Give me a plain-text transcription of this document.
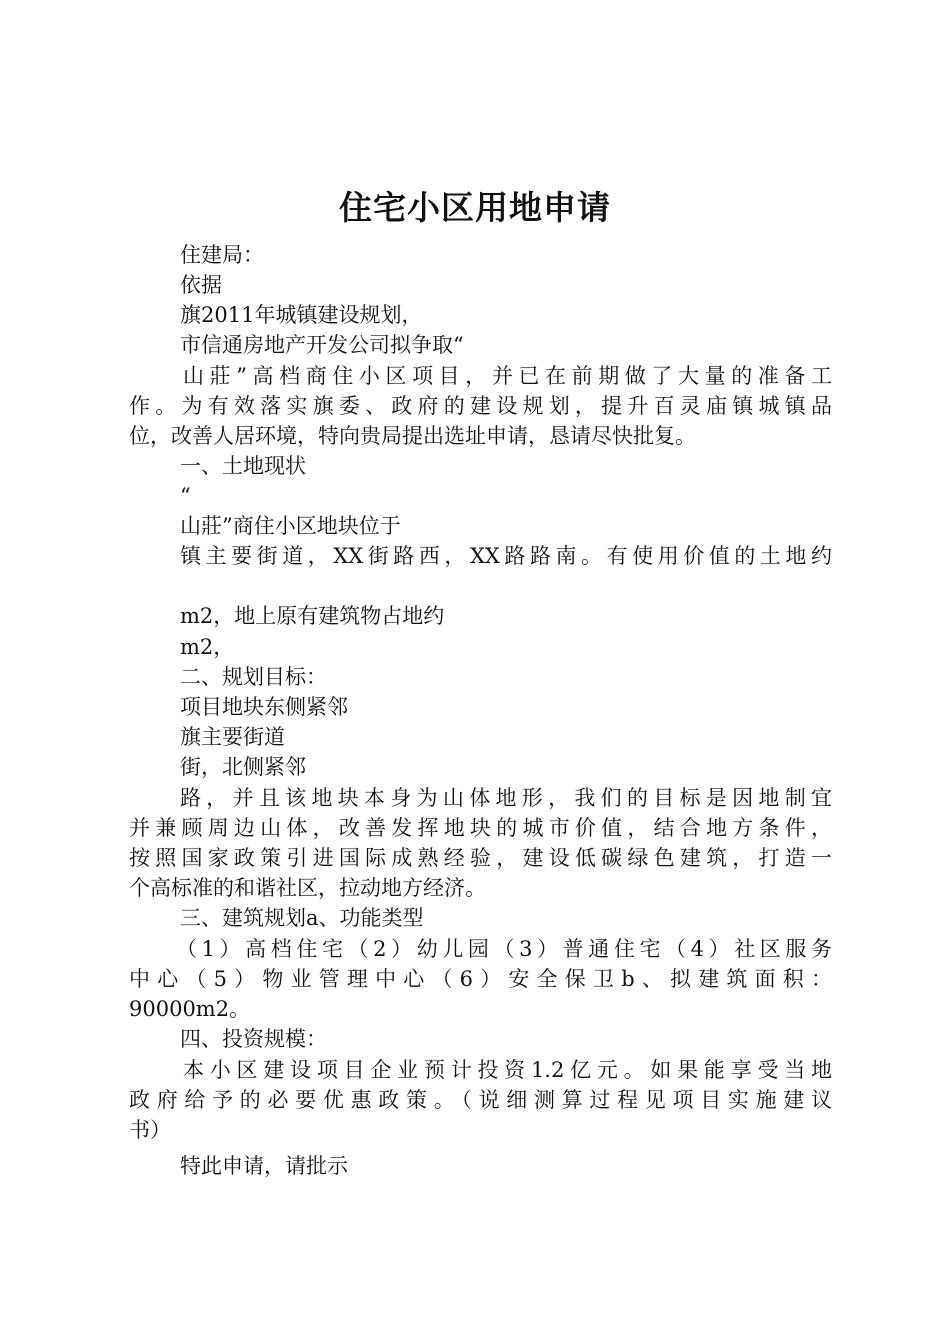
住宅小区用地申请
住建局：
依据
旗2011年城镇建设规划，
市信通房地产开发公司拟争取“
山莊”高档商住小区项目，并已在前期做了大量的准备工
作。为有效落实旗委、政府的建设规划，提升百灵庙镇城镇品
位，改善人居环境，特向贵局提出选址申请，恳请尽快批复。
一、土地现状
“
山莊”商住小区地块位于
镇主要街道，XX街路西，XX路路南。有使用价值的土地约
m2，地上原有建筑物占地约
m2，
二、规划目标：
项目地块东侧紧邻
旗主要街道
街，北侧紧邻
路，并且该地块本身为山体地形，我们的目标是因地制宜
并兼顾周边山体，改善发挥地块的城市价值，结合地方条件，
按照国家政策引进国际成熟经验，建设低碳绿色建筑，打造一
个高标准的和谐社区，拉动地方经济。
三、建筑规划a、功能类型
（1）高档住宅（2）幼儿园（3）普通住宅（4）社区服务
中心（5）物业管理中心（6）安全保卫b、拟建筑面积：
90000m2。
四、投资规模：
本小区建设项目企业预计投资1.2亿元。如果能享受当地
政府给予的必要优惠政策。（说细测算过程见项目实施建议
书）
特此申请，请批示
